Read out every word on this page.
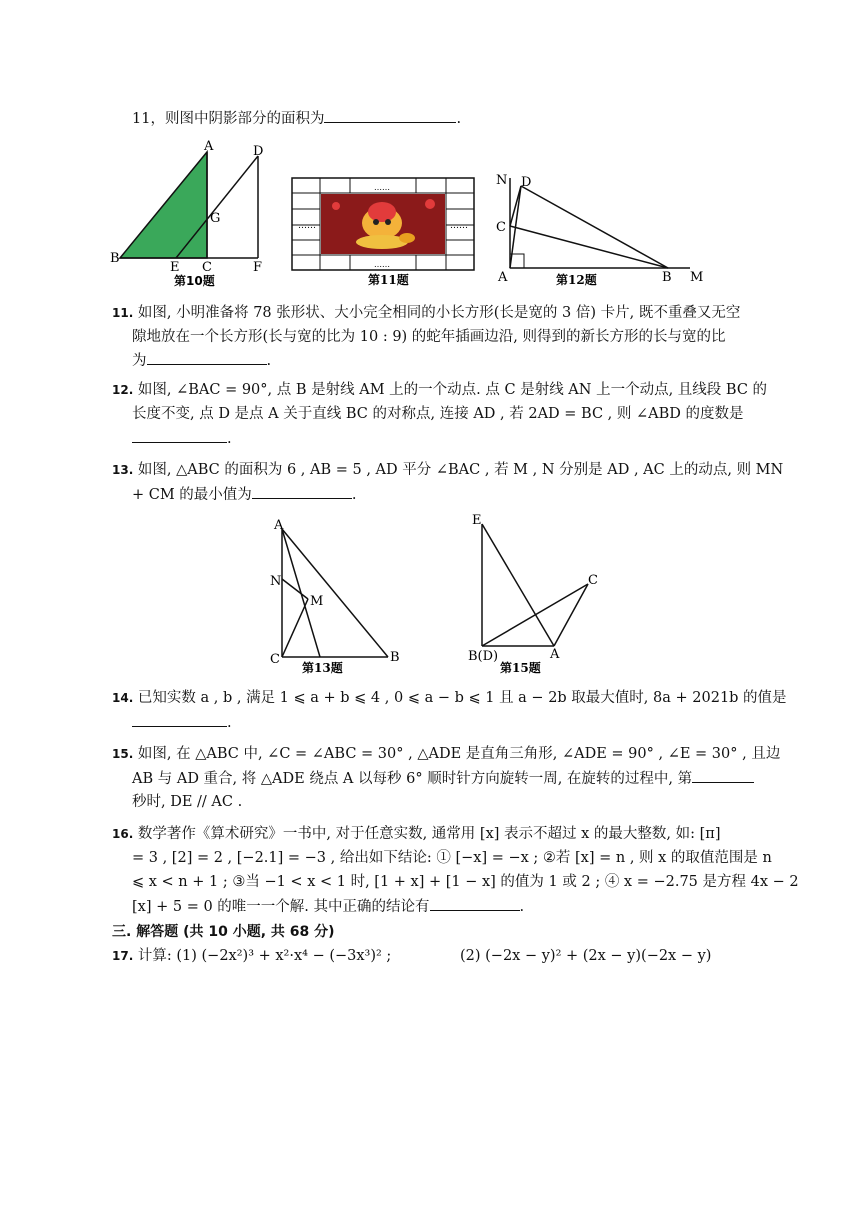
11，则图中阴影部分的面积为	.
A	D
G
B
E C	F
第10题
……
……
……	……
第11题
N D
C
A	B M
第12题
11. 如图, 小明准备将 78 张形状、大小完全相同的小长方形(长是宽的 3 倍) 卡片, 既不重叠又无空
隙地放在一个长方形(长与宽的比为 10 : 9) 的蛇年插画边沿, 则得到的新长方形的长与宽的比
为	.
12. 如图, ∠BAC = 90°, 点 B 是射线 AM 上的一个动点. 点 C 是射线 AN 上一个动点, 且线段 BC 的
长度不变, 点 D 是点 A 关于直线 BC 的对称点, 连接 AD , 若 2AD = BC , 则 ∠ABD 的度数是
.
13. 如图, △ABC 的面积为 6 , AB = 5 , AD 平分 ∠BAC , 若 M , N 分别是 AD , AC 上的动点, 则 MN
+ CM 的最小值为	.
A
N
M
C	B
第13题
E
C
B(D)	A
第15题
14. 已知实数 a , b , 满足 1 ⩽ a + b ⩽ 4 , 0 ⩽ a − b ⩽ 1 且 a − 2b 取最大值时, 8a + 2021b 的值是
.
15. 如图, 在 △ABC 中, ∠C = ∠ABC = 30° , △ADE 是直角三角形, ∠ADE = 90° , ∠E = 30° , 且边
AB 与 AD 重合, 将 △ADE 绕点 A 以每秒 6° 顺时针方向旋转一周, 在旋转的过程中, 第
秒时, DE // AC .
16. 数学著作《算术研究》一书中, 对于任意实数, 通常用 [x] 表示不超过 x 的最大整数, 如: [π]
= 3 , [2] = 2 , [−2.1] = −3 , 给出如下结论: ① [−x] = −x ; ②若 [x] = n , 则 x 的取值范围是 n
⩽ x < n + 1 ; ③当 −1 < x < 1 时, [1 + x] + [1 − x] 的值为 1 或 2 ; ④ x = −2.75 是方程 4x − 2
[x] + 5 = 0 的唯一一个解. 其中正确的结论有	.
三. 解答题 (共 10 小题, 共 68 分)
17. 计算: (1) (−2x²)³ + x²·x⁴ − (−3x³)² ;	(2) (−2x − y)² + (2x − y)(−2x − y)
